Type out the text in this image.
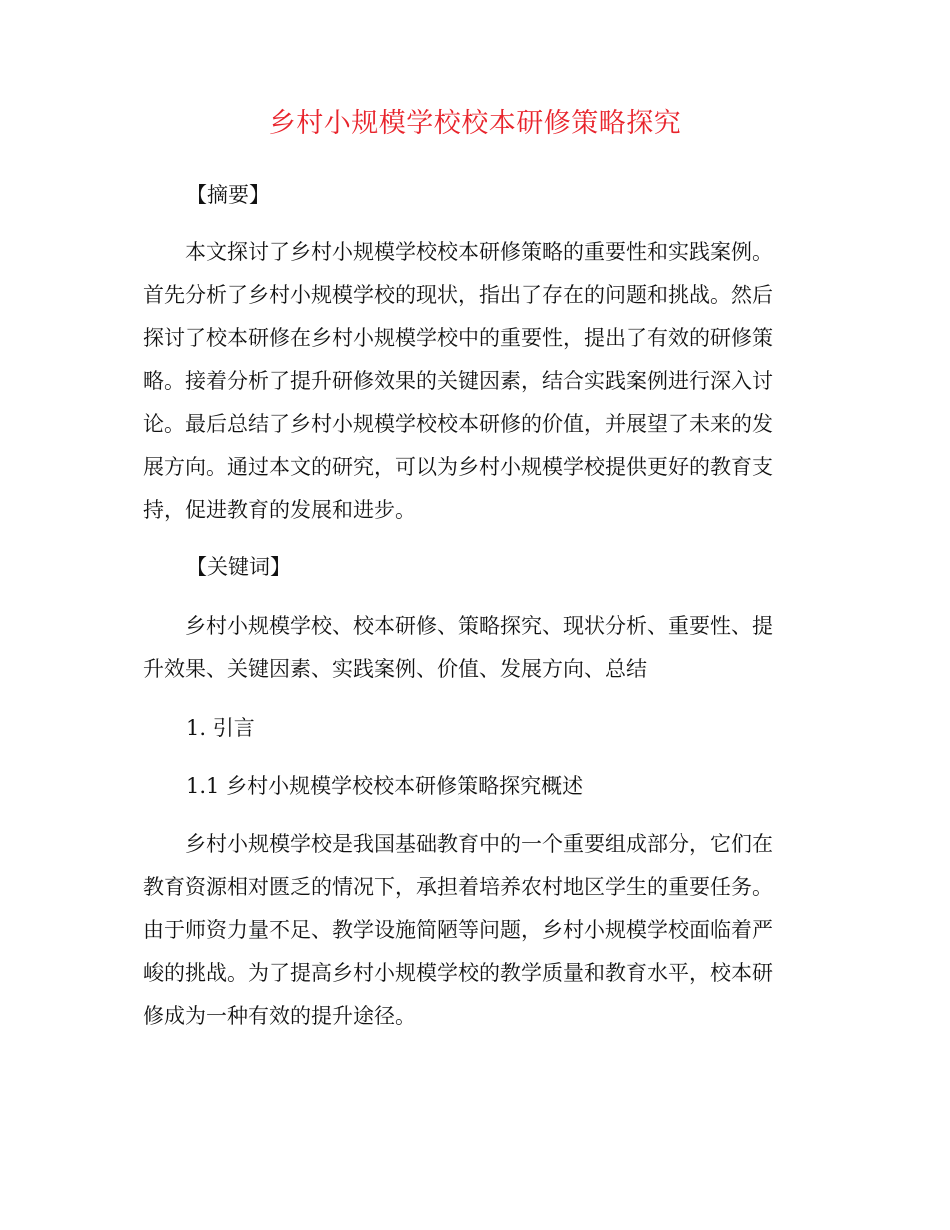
乡村小规模学校校本研修策略探究
【摘要】
本文探讨了乡村小规模学校校本研修策略的重要性和实践案例。
首先分析了乡村小规模学校的现状，指出了存在的问题和挑战。然后
探讨了校本研修在乡村小规模学校中的重要性，提出了有效的研修策
略。接着分析了提升研修效果的关键因素，结合实践案例进行深入讨
论。最后总结了乡村小规模学校校本研修的价值，并展望了未来的发
展方向。通过本文的研究，可以为乡村小规模学校提供更好的教育支
持，促进教育的发展和进步。
【关键词】
乡村小规模学校、校本研修、策略探究、现状分析、重要性、提
升效果、关键因素、实践案例、价值、发展方向、总结
1. 引言
1.1 乡村小规模学校校本研修策略探究概述
乡村小规模学校是我国基础教育中的一个重要组成部分，它们在
教育资源相对匮乏的情况下，承担着培养农村地区学生的重要任务。
由于师资力量不足、教学设施简陋等问题，乡村小规模学校面临着严
峻的挑战。为了提高乡村小规模学校的教学质量和教育水平，校本研
修成为一种有效的提升途径。
